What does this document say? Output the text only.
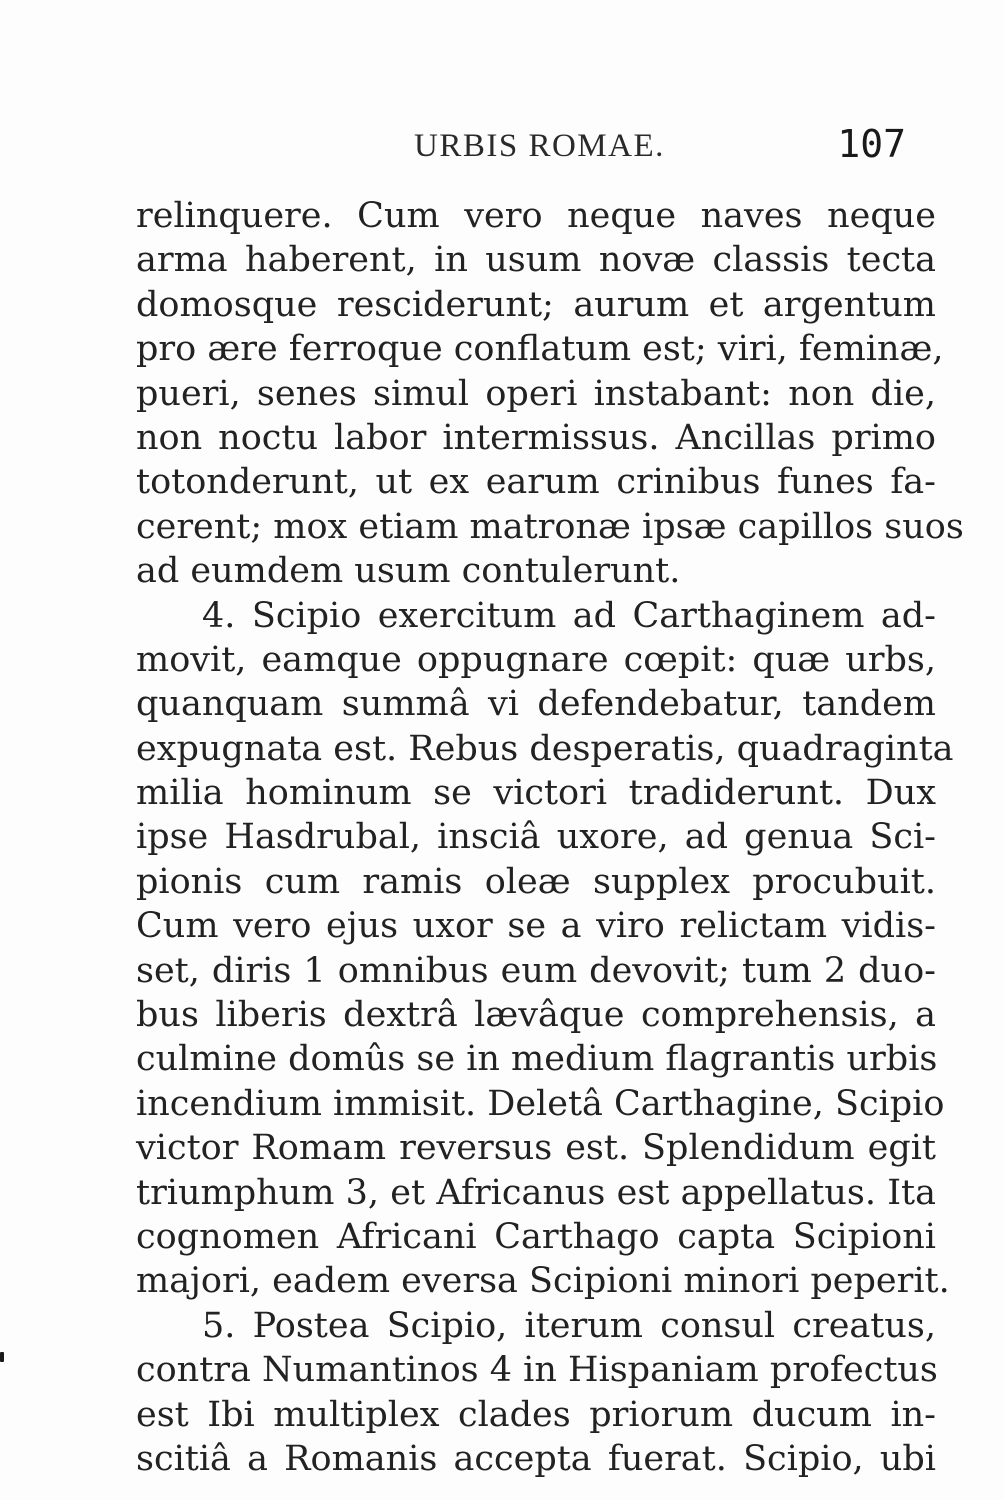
URBIS ROMAE.	107
relinquere. Cum vero neque naves neque
arma haberent, in usum novæ classis tecta
domosque resciderunt; aurum et argentum
pro ære ferroque conflatum est; viri, feminæ,
pueri, senes simul operi instabant: non die,
non noctu labor intermissus. Ancillas primo
totonderunt, ut ex earum crinibus funes fa-
cerent; mox etiam matronæ ipsæ capillos suos
ad eumdem usum contulerunt.
4. Scipio exercitum ad Carthaginem ad-
movit, eamque oppugnare cœpit: quæ urbs,
quanquam summâ vi defendebatur, tandem
expugnata est. Rebus desperatis, quadraginta
milia hominum se victori tradiderunt. Dux
ipse Hasdrubal, insciâ uxore, ad genua Sci-
pionis cum ramis oleæ supplex procubuit.
Cum vero ejus uxor se a viro relictam vidis-
set, diris 1 omnibus eum devovit; tum 2 duo-
bus liberis dextrâ lævâque comprehensis, a
culmine domûs se in medium flagrantis urbis
incendium immisit. Deletâ Carthagine, Scipio
victor Romam reversus est. Splendidum egit
triumphum 3, et Africanus est appellatus. Ita
cognomen Africani Carthago capta Scipioni
majori, eadem eversa Scipioni minori peperit.
5. Postea Scipio, iterum consul creatus,
contra Numantinos 4 in Hispaniam profectus
est Ibi multiplex clades priorum ducum in-
scitiâ a Romanis accepta fuerat. Scipio, ubi
